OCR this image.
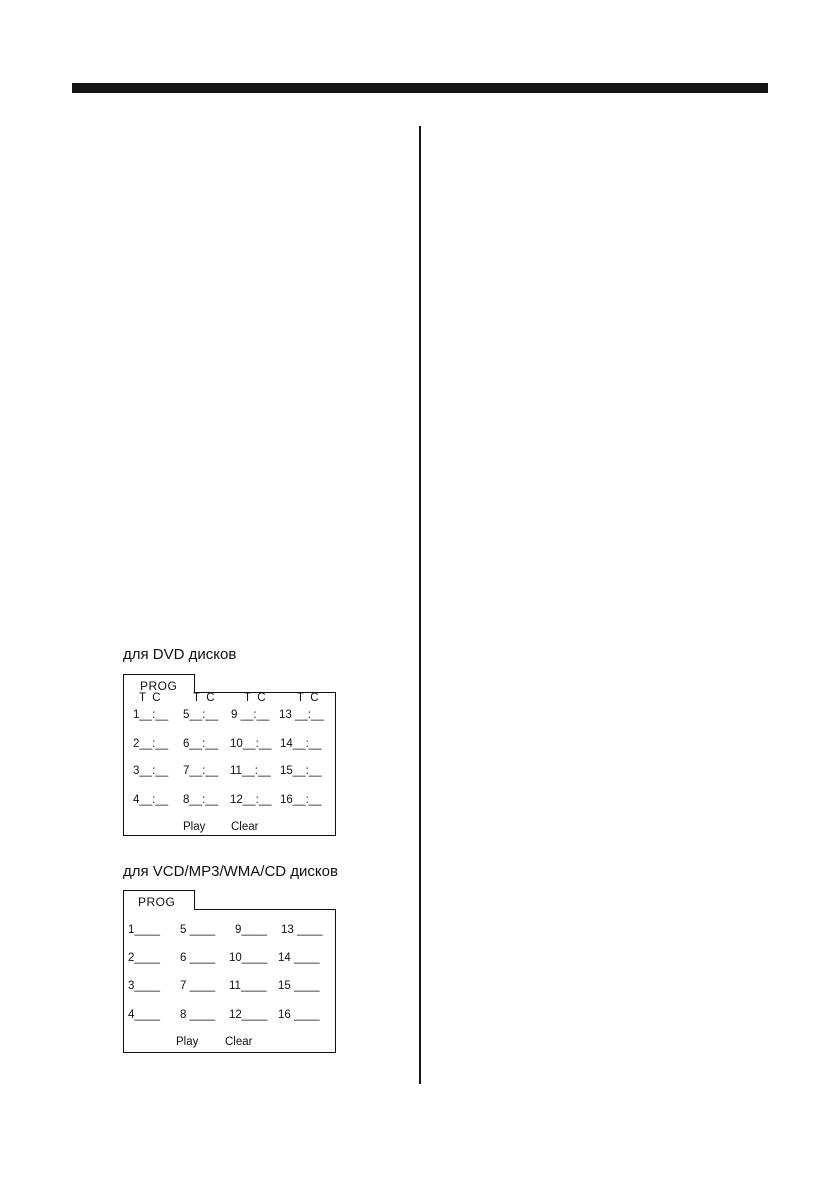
для DVD дисков
PROG
T  C	T  C	T  C	T  C
1__:__ 5__:__ 9 __:__ 13 __:__
2__:__ 6__:__ 10__:__ 14__:__
3__:__ 7__:__ 11__:__ 15__:__
4__:__ 8__:__ 12__:__ 16__:__
Play Clear
для VCD/MP3/WMA/CD дисков
PROG
1____ 5 ____ 9____ 13 ____
2____ 6 ____ 10____ 14 ____
3____ 7 ____ 11____ 15 ____
4____ 8 ____ 12____ 16 ____
Play Clear
